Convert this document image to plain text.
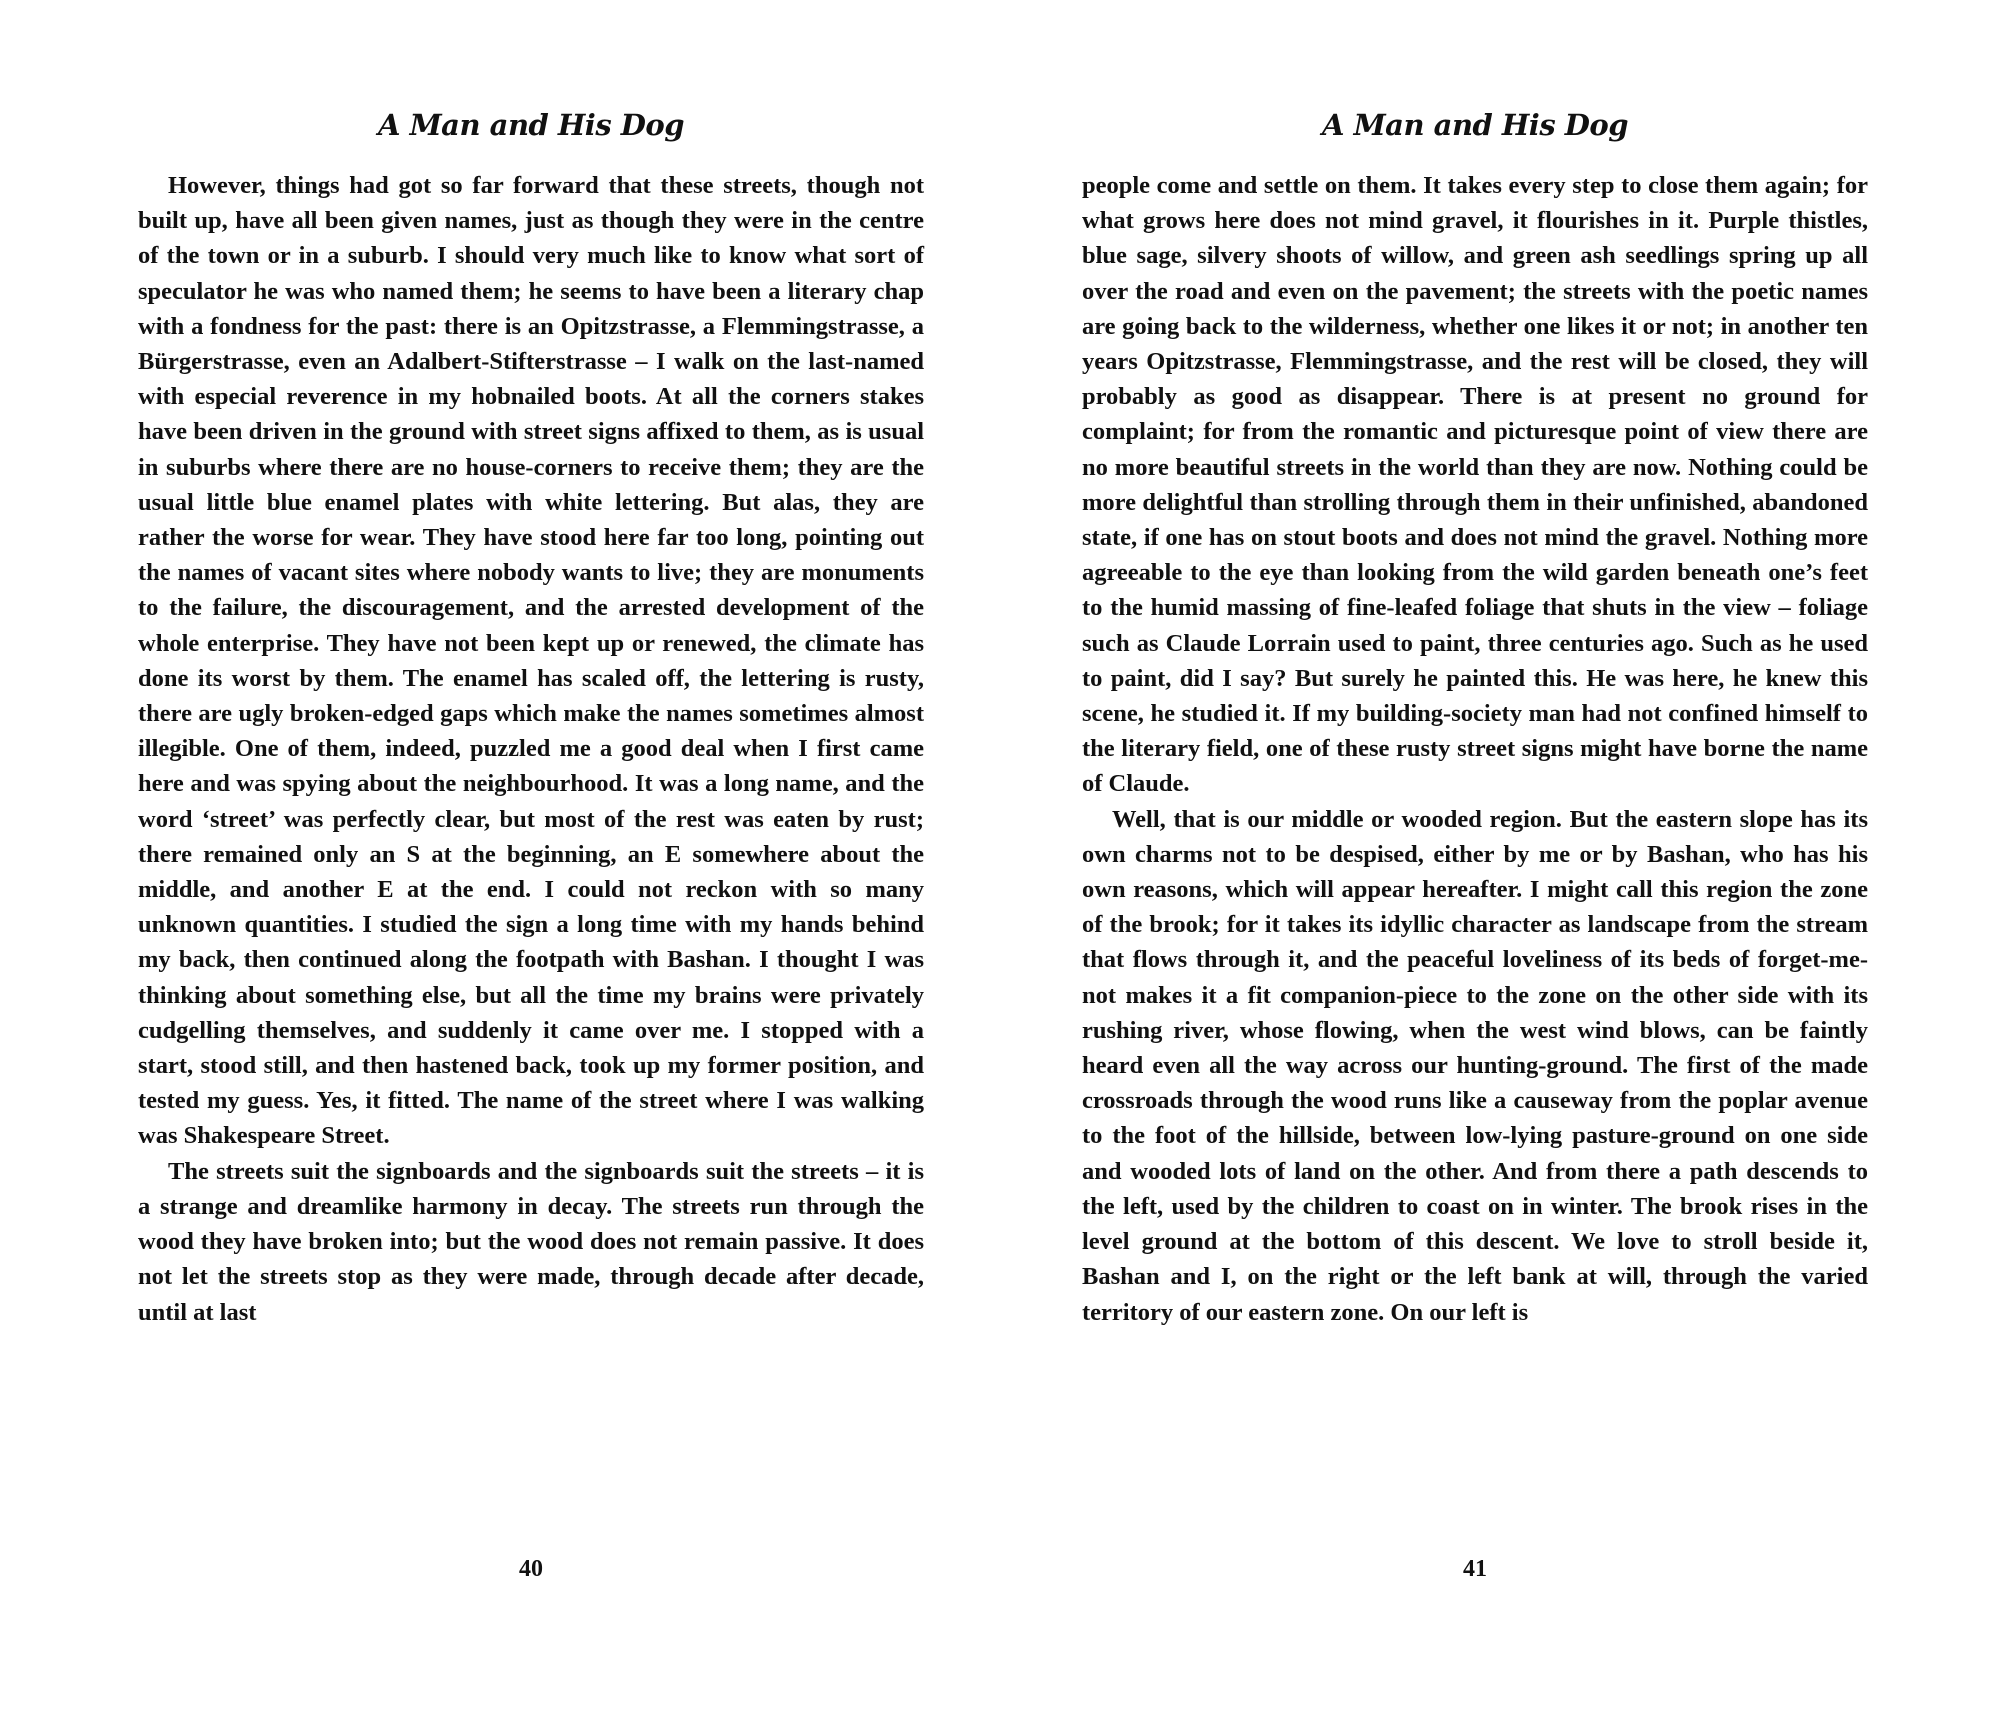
A Man and His Dog

However, things had got so far forward that these streets, though not built up, have all been given names, just as though they were in the centre of the town or in a suburb. I should very much like to know what sort of speculator he was who named them; he seems to have been a literary chap with a fondness for the past: there is an Opitzstrasse, a Flemmingstrasse, a Bürgerstrasse, even an Adalbert-Stifterstrasse – I walk on the last-named with especial reverence in my hobnailed boots. At all the corners stakes have been driven in the ground with street signs affixed to them, as is usual in suburbs where there are no house-corners to receive them; they are the usual little blue enamel plates with white lettering. But alas, they are rather the worse for wear. They have stood here far too long, pointing out the names of vacant sites where nobody wants to live; they are monuments to the failure, the discouragement, and the arrested development of the whole enterprise. They have not been kept up or renewed, the climate has done its worst by them. The enamel has scaled off, the lettering is rusty, there are ugly broken-edged gaps which make the names sometimes almost illegible. One of them, indeed, puzzled me a good deal when I first came here and was spying about the neighbourhood. It was a long name, and the word ‘street’ was perfectly clear, but most of the rest was eaten by rust; there remained only an S at the beginning, an E somewhere about the middle, and another E at the end. I could not reckon with so many unknown quantities. I studied the sign a long time with my hands behind my back, then continued along the footpath with Bashan. I thought I was thinking about something else, but all the time my brains were privately cudgelling themselves, and suddenly it came over me. I stopped with a start, stood still, and then hastened back, took up my former position, and tested my guess. Yes, it fitted. The name of the street where I was walking was Shakespeare Street.

The streets suit the signboards and the signboards suit the streets – it is a strange and dreamlike harmony in decay. The streets run through the wood they have broken into; but the wood does not remain passive. It does not let the streets stop as they were made, through decade after decade, until at last

40
A Man and His Dog

people come and settle on them. It takes every step to close them again; for what grows here does not mind gravel, it flourishes in it. Purple thistles, blue sage, silvery shoots of willow, and green ash seedlings spring up all over the road and even on the pavement; the streets with the poetic names are going back to the wilderness, whether one likes it or not; in another ten years Opitzstrasse, Flemmingstrasse, and the rest will be closed, they will probably as good as disappear. There is at present no ground for complaint; for from the romantic and picturesque point of view there are no more beautiful streets in the world than they are now. Nothing could be more delightful than strolling through them in their unfinished, abandoned state, if one has on stout boots and does not mind the gravel. Nothing more agreeable to the eye than looking from the wild garden beneath one’s feet to the humid massing of fine-leafed foliage that shuts in the view – foliage such as Claude Lorrain used to paint, three centuries ago. Such as he used to paint, did I say? But surely he painted this. He was here, he knew this scene, he studied it. If my building-society man had not confined himself to the literary field, one of these rusty street signs might have borne the name of Claude.

Well, that is our middle or wooded region. But the eastern slope has its own charms not to be despised, either by me or by Bashan, who has his own reasons, which will appear hereafter. I might call this region the zone of the brook; for it takes its idyllic character as landscape from the stream that flows through it, and the peaceful loveliness of its beds of forget-me-not makes it a fit companion-piece to the zone on the other side with its rushing river, whose flowing, when the west wind blows, can be faintly heard even all the way across our hunting-ground. The first of the made crossroads through the wood runs like a causeway from the poplar avenue to the foot of the hillside, between low-lying pasture-ground on one side and wooded lots of land on the other. And from there a path descends to the left, used by the children to coast on in winter. The brook rises in the level ground at the bottom of this descent. We love to stroll beside it, Bashan and I, on the right or the left bank at will, through the varied territory of our eastern zone. On our left is

41
